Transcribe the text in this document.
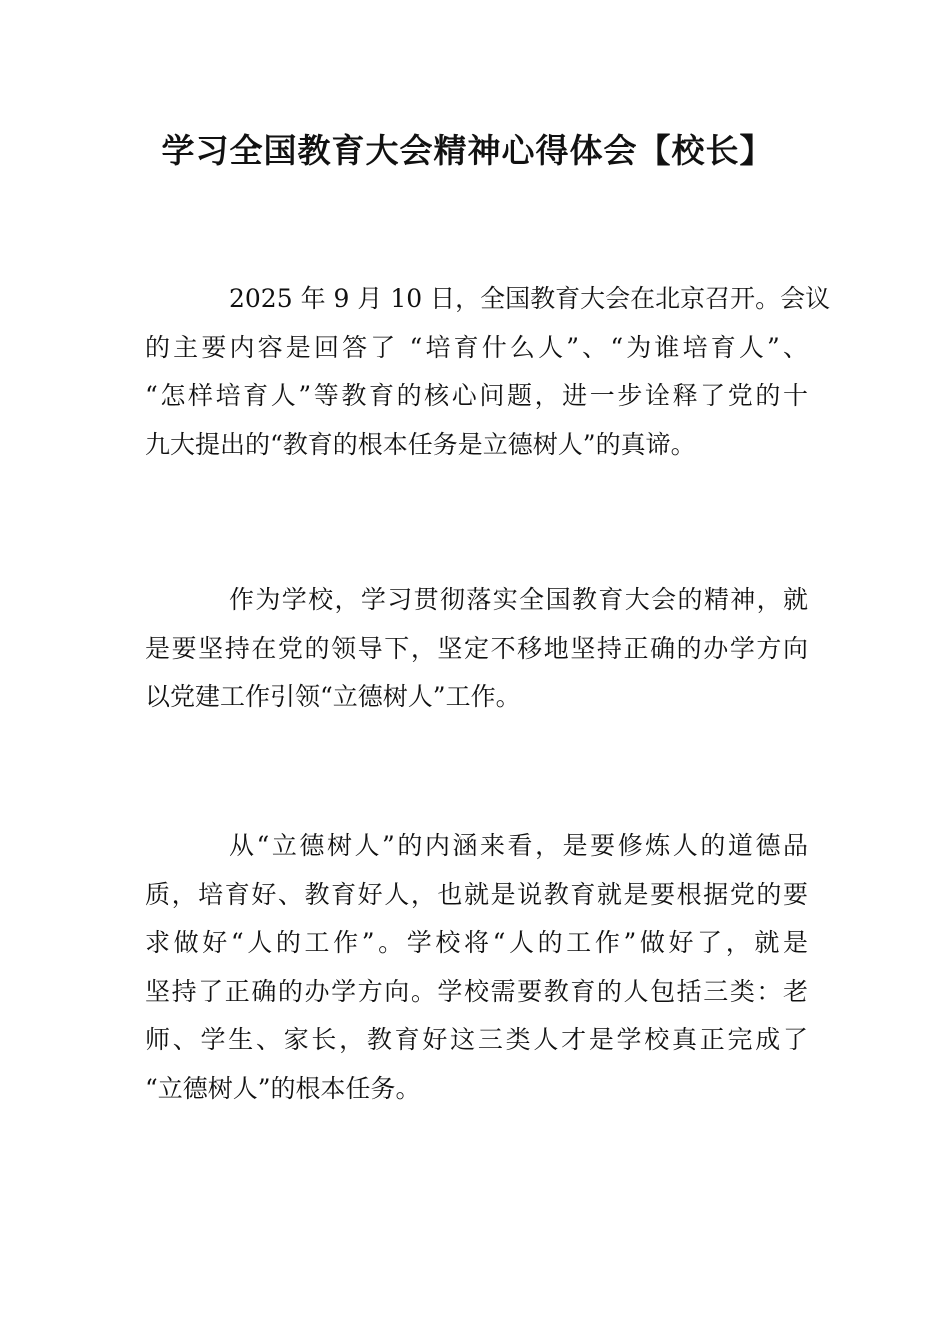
学习全国教育大会精神心得体会【校长】
2025 年 9 月 10 日，全国教育大会在北京召开。会议
的主要内容是回答了 “培育什么人”、“为谁培育人”、
“怎样培育人”等教育的核心问题，进一步诠释了党的十
九大提出的“教育的根本任务是立德树人”的真谛。
作为学校，学习贯彻落实全国教育大会的精神，就
是要坚持在党的领导下，坚定不移地坚持正确的办学方向
以党建工作引领“立德树人”工作。
从“立德树人”的内涵来看，是要修炼人的道德品
质，培育好、教育好人，也就是说教育就是要根据党的要
求做好“人的工作”。学校将“人的工作”做好了，就是
坚持了正确的办学方向。学校需要教育的人包括三类：老
师、学生、家长，教育好这三类人才是学校真正完成了
“立德树人”的根本任务。
